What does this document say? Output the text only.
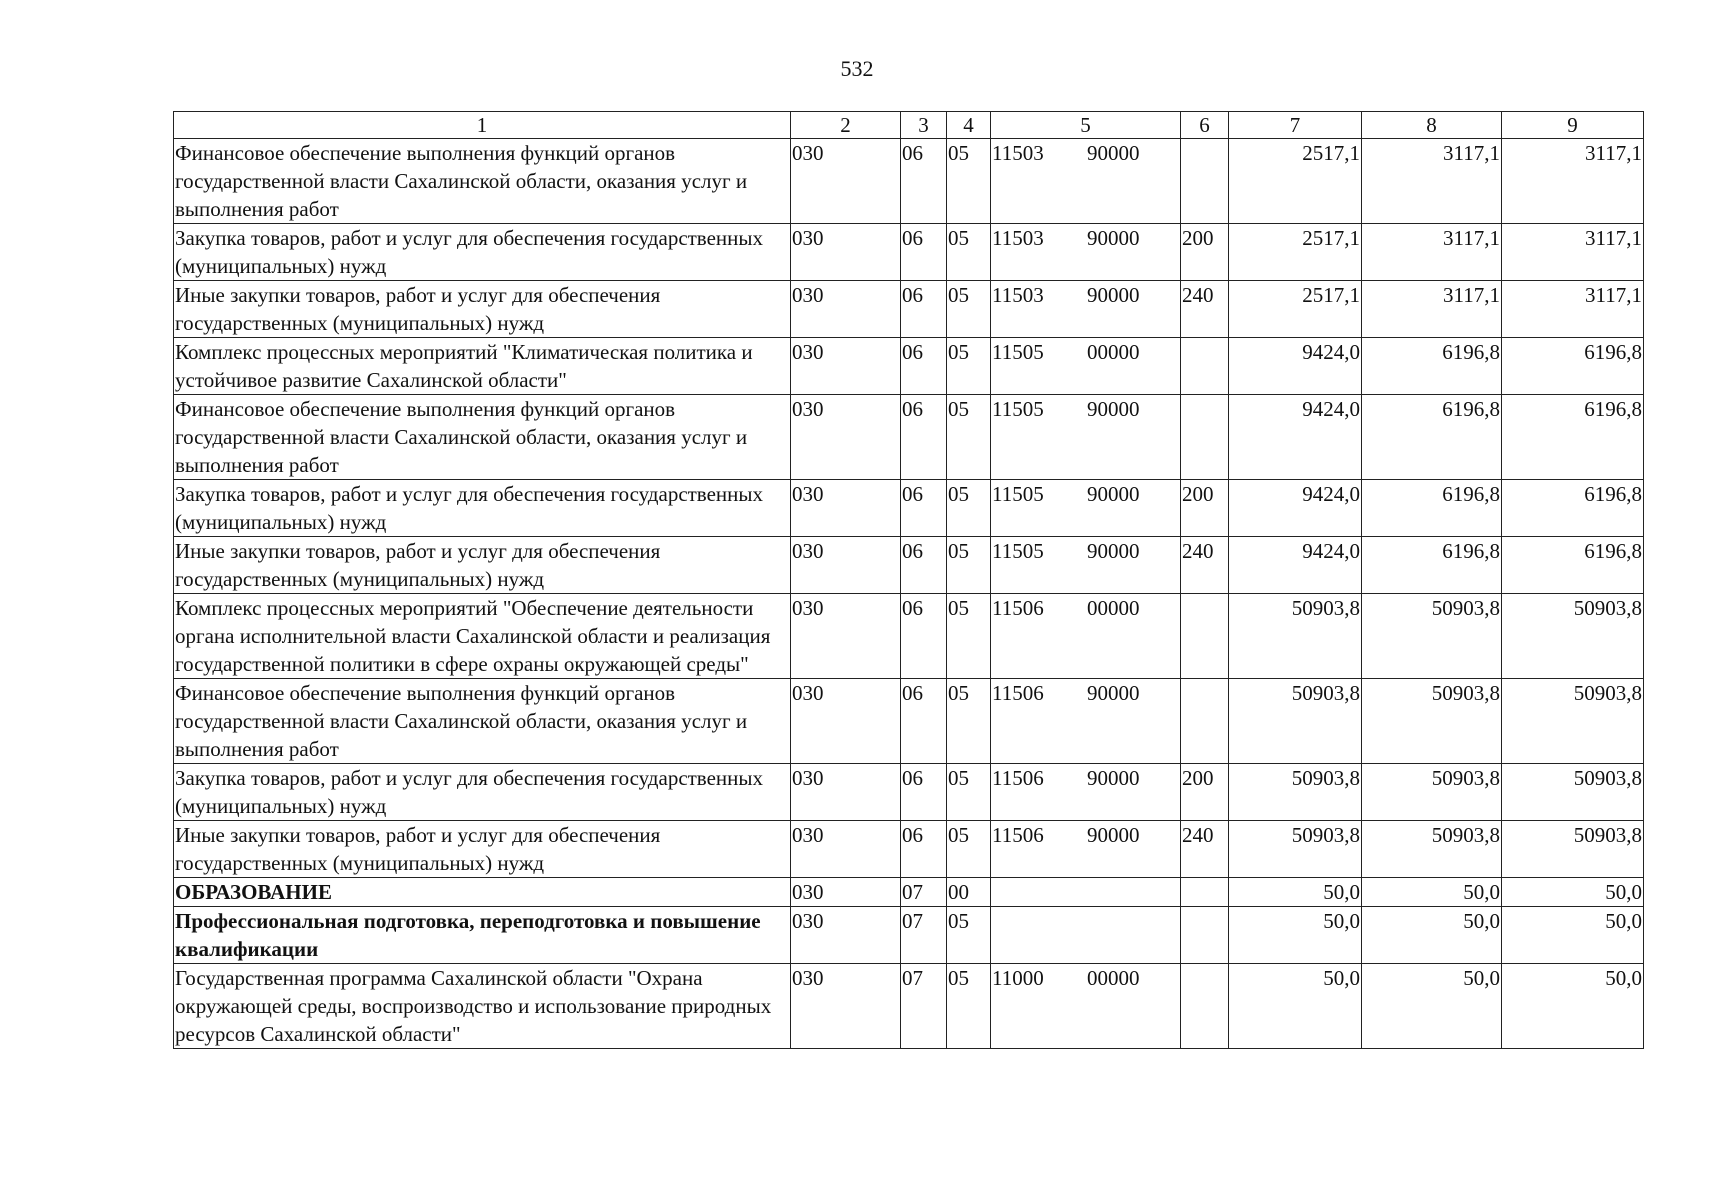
532
1	2	3	4	5	6	7	8	9
Финансовое обеспечение выполнения функций органов государственной власти Сахалинской области, оказания услуг и выполнения работ	030	06	05	11503 90000		2517,1	3117,1	3117,1
Закупка товаров, работ и услуг для обеспечения государственных (муниципальных) нужд	030	06	05	11503 90000	200	2517,1	3117,1	3117,1
Иные закупки товаров, работ и услуг для обеспечения государственных (муниципальных) нужд	030	06	05	11503 90000	240	2517,1	3117,1	3117,1
Комплекс процессных мероприятий "Климатическая политика и устойчивое развитие Сахалинской области"	030	06	05	11505 00000		9424,0	6196,8	6196,8
Финансовое обеспечение выполнения функций органов государственной власти Сахалинской области, оказания услуг и выполнения работ	030	06	05	11505 90000		9424,0	6196,8	6196,8
Закупка товаров, работ и услуг для обеспечения государственных (муниципальных) нужд	030	06	05	11505 90000	200	9424,0	6196,8	6196,8
Иные закупки товаров, работ и услуг для обеспечения государственных (муниципальных) нужд	030	06	05	11505 90000	240	9424,0	6196,8	6196,8
Комплекс процессных мероприятий "Обеспечение деятельности органа исполнительной власти Сахалинской области и реализация государственной политики в сфере охраны окружающей среды"	030	06	05	11506 00000		50903,8	50903,8	50903,8
Финансовое обеспечение выполнения функций органов государственной власти Сахалинской области, оказания услуг и выполнения работ	030	06	05	11506 90000		50903,8	50903,8	50903,8
Закупка товаров, работ и услуг для обеспечения государственных (муниципальных) нужд	030	06	05	11506 90000	200	50903,8	50903,8	50903,8
Иные закупки товаров, работ и услуг для обеспечения государственных (муниципальных) нужд	030	06	05	11506 90000	240	50903,8	50903,8	50903,8
ОБРАЗОВАНИЕ	030	07	00			50,0	50,0	50,0
Профессиональная подготовка, переподготовка и повышение квалификации	030	07	05			50,0	50,0	50,0
Государственная программа Сахалинской области "Охрана окружающей среды, воспроизводство и использование природных ресурсов Сахалинской области"	030	07	05	11000 00000		50,0	50,0	50,0
